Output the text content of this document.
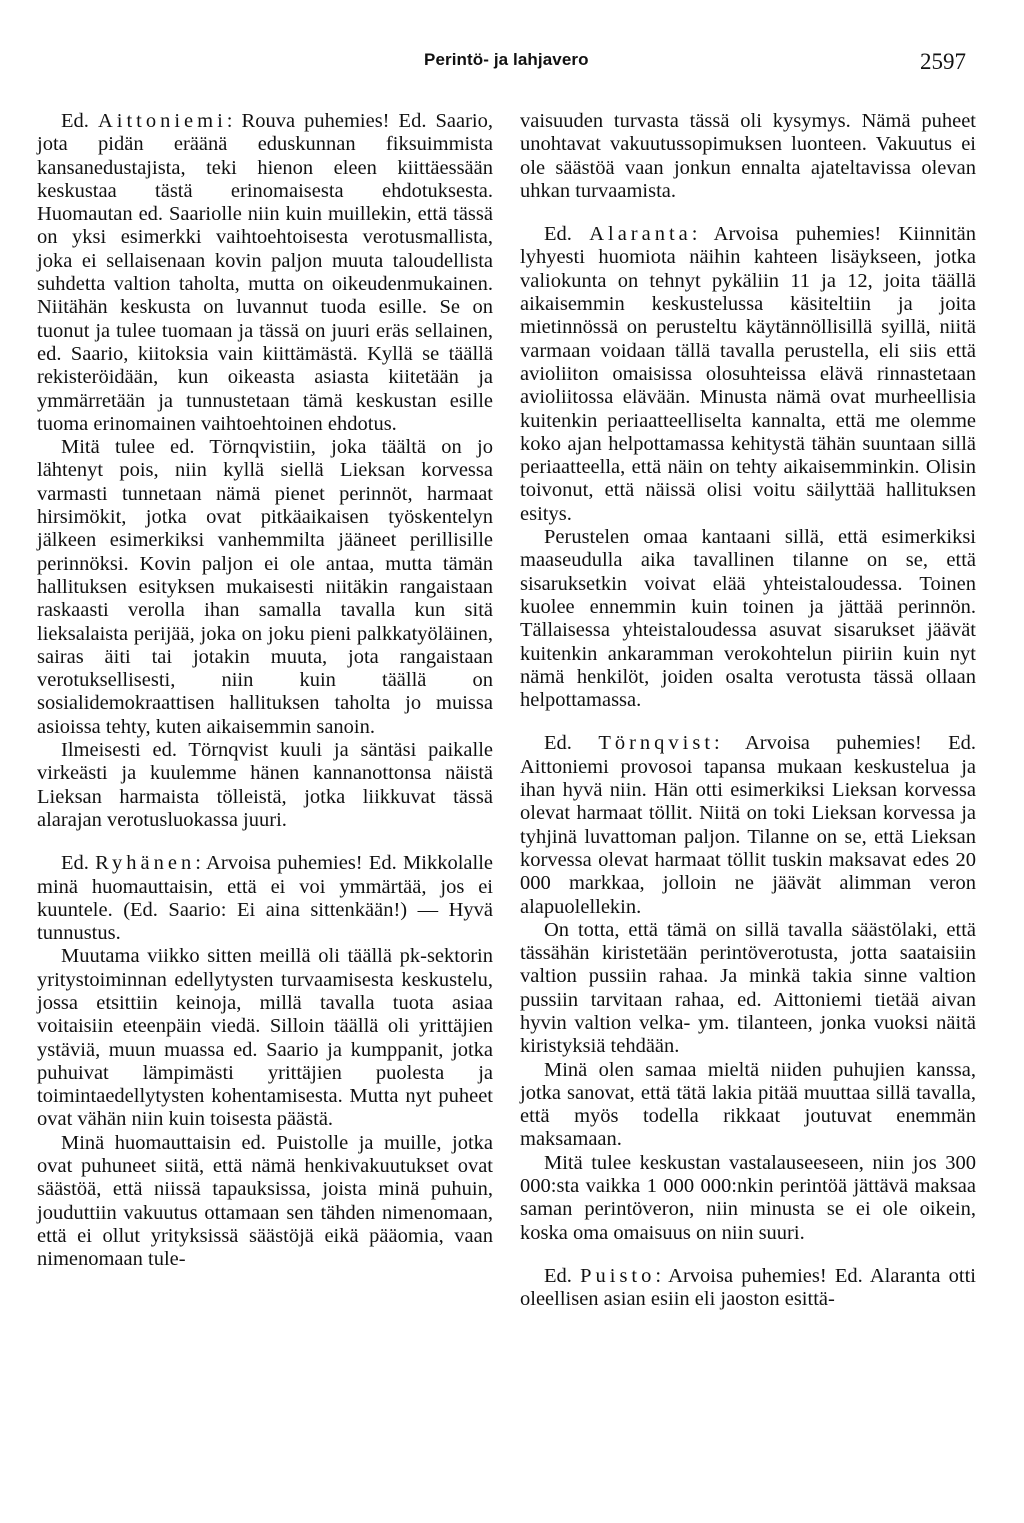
Perintö- ja lahjavero	2597

Ed. Aittoniemi: Rouva puhemies! Ed. Saario, jota pidän eräänä eduskunnan fiksuimmista kansanedustajista, teki hienon eleen kiittäessään keskustaa tästä erinomaisesta ehdotuksesta. Huomautan ed. Saariolle niin kuin muillekin, että tässä on yksi esimerkki vaihtoehtoisesta verotusmallista, joka ei sellaisenaan kovin paljon muuta taloudellista suhdetta valtion taholta, mutta on oikeudenmukainen. Niitähän keskusta on luvannut tuoda esille. Se on tuonut ja tulee tuomaan ja tässä on juuri eräs sellainen, ed. Saario, kiitoksia vain kiittämästä. Kyllä se täällä rekisteröidään, kun oikeasta asiasta kiitetään ja ymmärretään ja tunnustetaan tämä keskustan esille tuoma erinomainen vaihtoehtoinen ehdotus.

Mitä tulee ed. Törnqvistiin, joka täältä on jo lähtenyt pois, niin kyllä siellä Lieksan korvessa varmasti tunnetaan nämä pienet perinnöt, harmaat hirsimökit, jotka ovat pitkäaikaisen työskentelyn jälkeen esimerkiksi vanhemmilta jääneet perillisille perinnöksi. Kovin paljon ei ole antaa, mutta tämän hallituksen esityksen mukaisesti niitäkin rangaistaan raskaasti verolla ihan samalla tavalla kun sitä lieksalaista perijää, joka on joku pieni palkkatyöläinen, sairas äiti tai jotakin muuta, jota rangaistaan verotuksellisesti, niin kuin täällä on sosialidemokraattisen hallituksen taholta jo muissa asioissa tehty, kuten aikaisemmin sanoin.

Ilmeisesti ed. Törnqvist kuuli ja säntäsi paikalle virkeästi ja kuulemme hänen kannanottonsa näistä Lieksan harmaista tölleistä, jotka liikkuvat tässä alarajan verotusluokassa juuri.

Ed. Ryhänen: Arvoisa puhemies! Ed. Mikkolalle minä huomauttaisin, että ei voi ymmärtää, jos ei kuuntele. (Ed. Saario: Ei aina sittenkään!) — Hyvä tunnustus.

Muutama viikko sitten meillä oli täällä pk-sektorin yritystoiminnan edellytysten turvaamisesta keskustelu, jossa etsittiin keinoja, millä tavalla tuota asiaa voitaisiin eteenpäin viedä. Silloin täällä oli yrittäjien ystäviä, muun muassa ed. Saario ja kumppanit, jotka puhuivat lämpimästi yrittäjien puolesta ja toimintaedellytysten kohentamisesta. Mutta nyt puheet ovat vähän niin kuin toisesta päästä.

Minä huomauttaisin ed. Puistolle ja muille, jotka ovat puhuneet siitä, että nämä henkivakuutukset ovat säästöä, että niissä tapauksissa, joista minä puhuin, jouduttiin vakuutus ottamaan sen tähden nimenomaan, että ei ollut yrityksissä säästöjä eikä pääomia, vaan nimenomaan tule-

vaisuuden turvasta tässä oli kysymys. Nämä puheet unohtavat vakuutussopimuksen luonteen. Vakuutus ei ole säästöä vaan jonkun ennalta ajateltavissa olevan uhkan turvaamista.

Ed. Alaranta: Arvoisa puhemies! Kiinnitän lyhyesti huomiota näihin kahteen lisäykseen, jotka valiokunta on tehnyt pykäliin 11 ja 12, joita täällä aikaisemmin keskustelussa käsiteltiin ja joita mietinnössä on perusteltu käytännöllisillä syillä, niitä varmaan voidaan tällä tavalla perustella, eli siis että avioliiton omaisissa olosuhteissa elävä rinnastetaan avioliitossa elävään. Minusta nämä ovat murheellisia kuitenkin periaatteelliselta kannalta, että me olemme koko ajan helpottamassa kehitystä tähän suuntaan sillä periaatteella, että näin on tehty aikaisemminkin. Olisin toivonut, että näissä olisi voitu säilyttää hallituksen esitys.

Perustelen omaa kantaani sillä, että esimerkiksi maaseudulla aika tavallinen tilanne on se, että sisaruksetkin voivat elää yhteistaloudessa. Toinen kuolee ennemmin kuin toinen ja jättää perinnön. Tällaisessa yhteistaloudessa asuvat sisarukset jäävät kuitenkin ankaramman verokohtelun piiriin kuin nyt nämä henkilöt, joiden osalta verotusta tässä ollaan helpottamassa.

Ed. Törnqvist: Arvoisa puhemies! Ed. Aittoniemi provosoi tapansa mukaan keskustelua ja ihan hyvä niin. Hän otti esimerkiksi Lieksan korvessa olevat harmaat töllit. Niitä on toki Lieksan korvessa ja tyhjinä luvattoman paljon. Tilanne on se, että Lieksan korvessa olevat harmaat töllit tuskin maksavat edes 20 000 markkaa, jolloin ne jäävät alimman veron alapuolellekin.

On totta, että tämä on sillä tavalla säästölaki, että tässähän kiristetään perintöverotusta, jotta saataisiin valtion pussiin rahaa. Ja minkä takia sinne valtion pussiin tarvitaan rahaa, ed. Aittoniemi tietää aivan hyvin valtion velka- ym. tilanteen, jonka vuoksi näitä kiristyksiä tehdään.

Minä olen samaa mieltä niiden puhujien kanssa, jotka sanovat, että tätä lakia pitää muuttaa sillä tavalla, että myös todella rikkaat joutuvat enemmän maksamaan.

Mitä tulee keskustan vastalauseeseen, niin jos 300 000:sta vaikka 1 000 000:nkin perintöä jättävä maksaa saman perintöveron, niin minusta se ei ole oikein, koska oma omaisuus on niin suuri.

Ed. Puisto: Arvoisa puhemies! Ed. Alaranta otti oleellisen asian esiin eli jaoston esittä-
